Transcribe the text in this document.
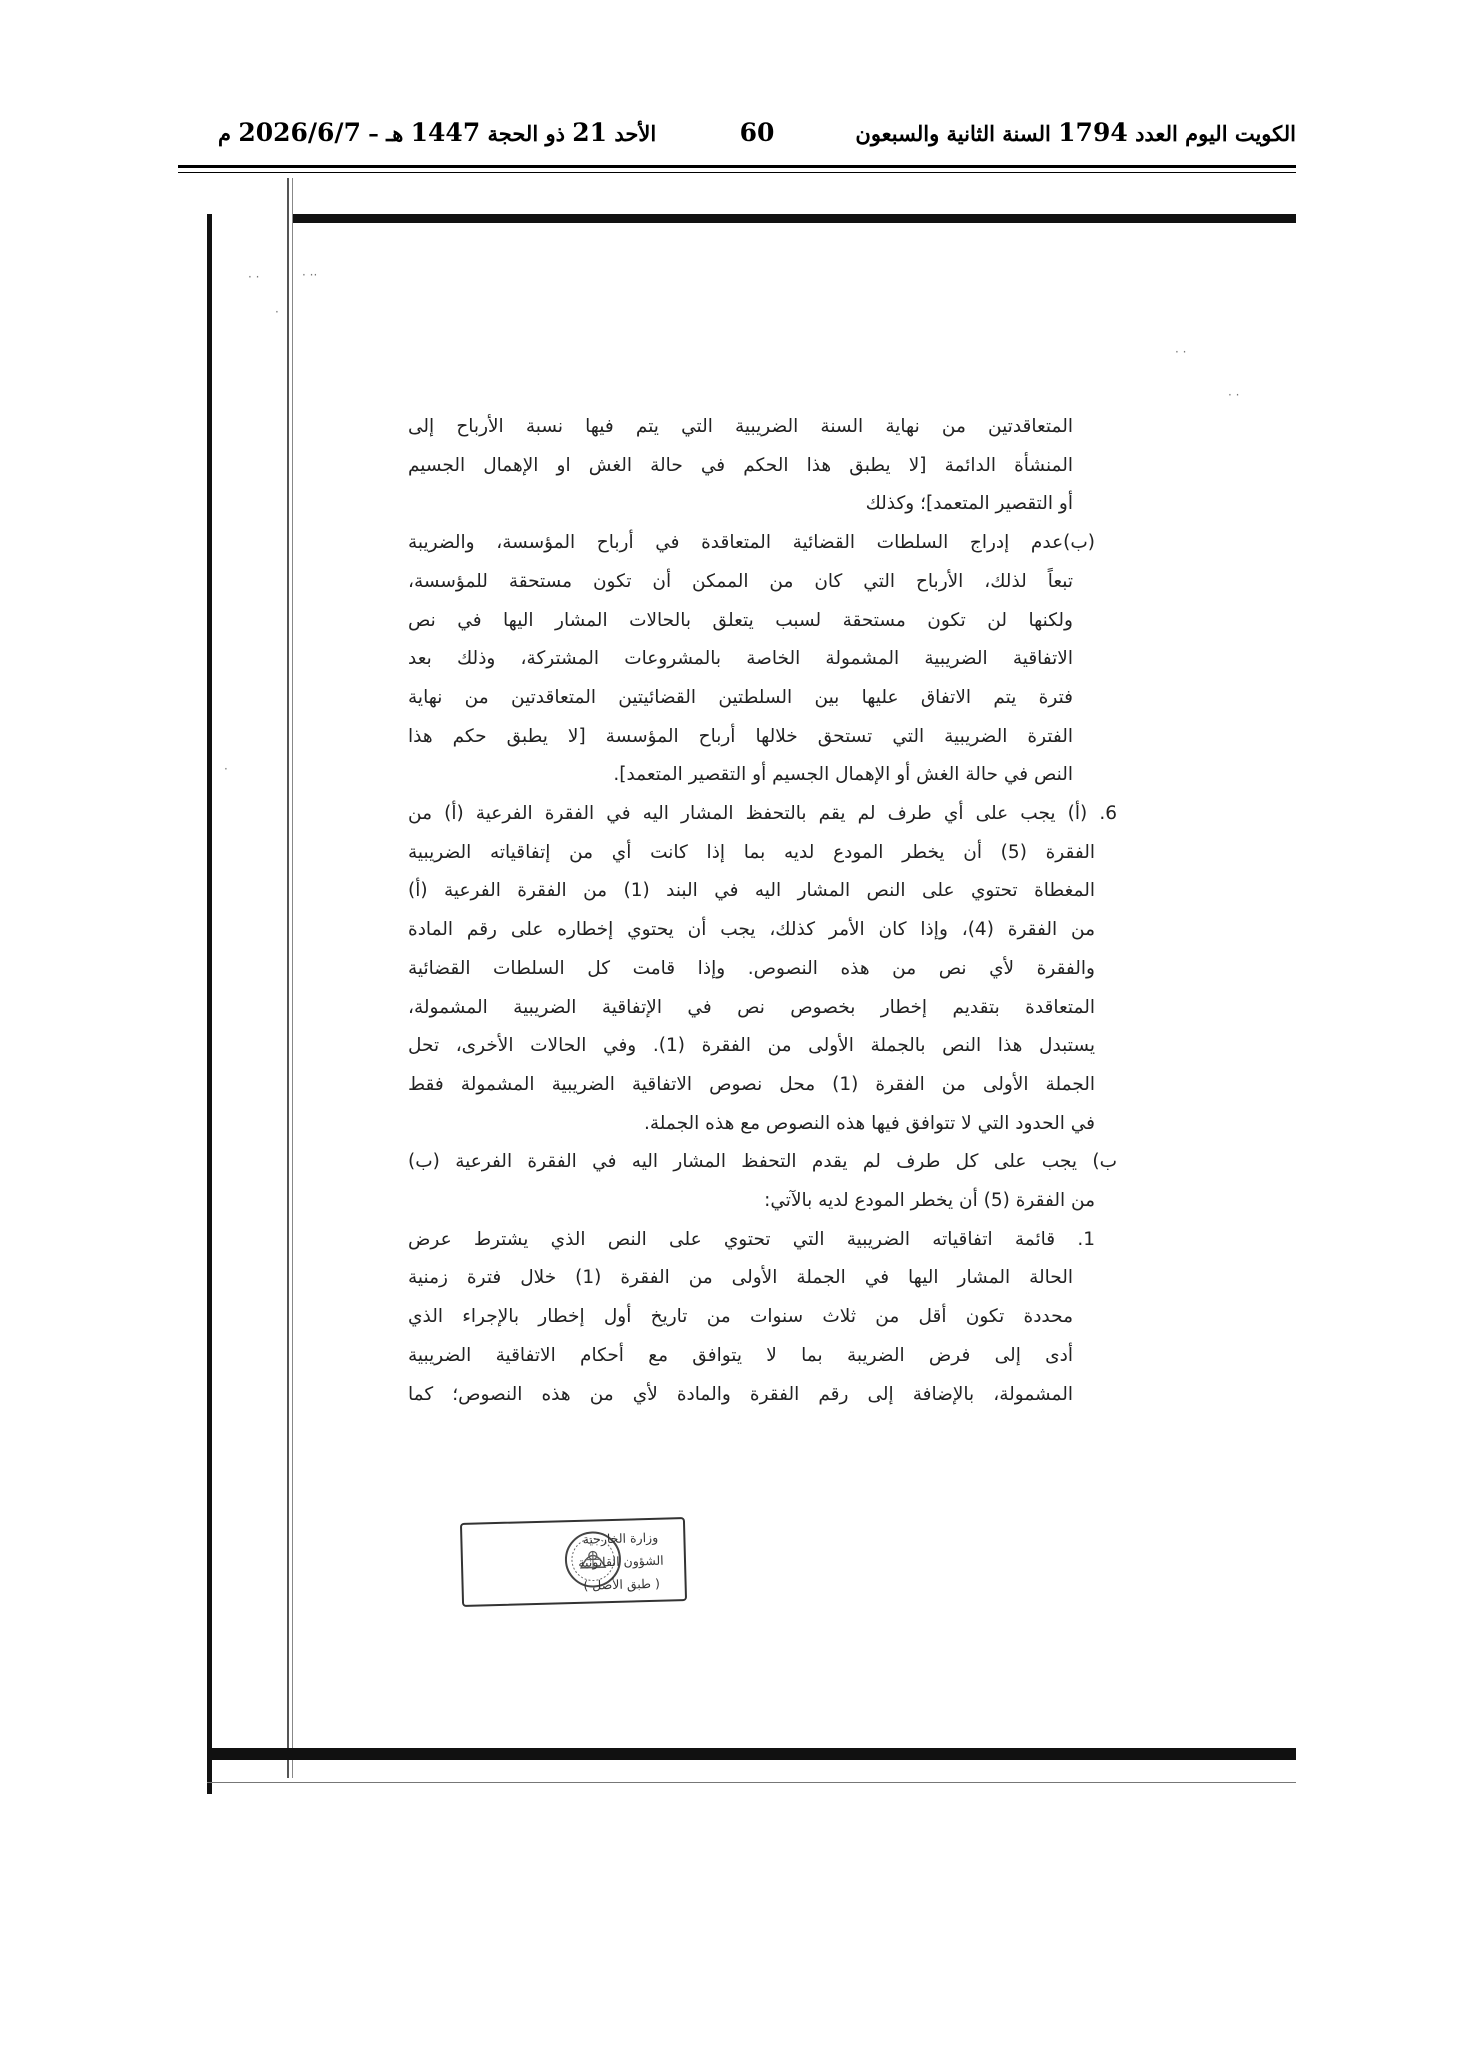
الكويت اليوم العدد 1794 السنة الثانية والسبعون
60
الأحد 21 ذو الحجة 1447 هـ – 2026/6/7 م
· ·	·· ·
·
· ·
· ·
·
المتعاقدتين من نهاية السنة الضريبية التي يتم فيها نسبة الأرباح إلى
المنشأة الدائمة [لا يطبق هذا الحكم في حالة الغش او الإهمال الجسيم
أو التقصير المتعمد]؛ وكذلك
(ب)عدم إدراج السلطات القضائية المتعاقدة في أرباح المؤسسة، والضريبة
تبعاً لذلك، الأرباح التي كان من الممكن أن تكون مستحقة للمؤسسة،
ولكنها لن تكون مستحقة لسبب يتعلق بالحالات المشار اليها في نص
الاتفاقية الضريبية المشمولة الخاصة بالمشروعات المشتركة، وذلك بعد
فترة يتم الاتفاق عليها بين السلطتين القضائيتين المتعاقدتين من نهاية
الفترة الضريبية التي تستحق خلالها أرباح المؤسسة [لا يطبق حكم هذا
النص في حالة الغش أو الإهمال الجسيم أو التقصير المتعمد].
6. (أ) يجب على أي طرف لم يقم بالتحفظ المشار اليه في الفقرة الفرعية (أ) من
الفقرة (5) أن يخطر المودع لديه بما إذا كانت أي من إتفاقياته الضريبية
المغطاة تحتوي على النص المشار اليه في البند (1) من الفقرة الفرعية (أ)
من الفقرة (4)، وإذا كان الأمر كذلك، يجب أن يحتوي إخطاره على رقم المادة
والفقرة لأي نص من هذه النصوص. وإذا قامت كل السلطات القضائية
المتعاقدة بتقديم إخطار بخصوص نص في الإتفاقية الضريبية المشمولة،
يستبدل هذا النص بالجملة الأولى من الفقرة (1). وفي الحالات الأخرى، تحل
الجملة الأولى من الفقرة (1) محل نصوص الاتفاقية الضريبية المشمولة فقط
في الحدود التي لا تتوافق فيها هذه النصوص مع هذه الجملة.
ب) يجب على كل طرف لم يقدم التحفظ المشار اليه في الفقرة الفرعية (ب)
من الفقرة (5) أن يخطر المودع لديه بالآتي:
1. قائمة اتفاقياته الضريبية التي تحتوي على النص الذي يشترط عرض
الحالة المشار اليها في الجملة الأولى من الفقرة (1) خلال فترة زمنية
محددة تكون أقل من ثلاث سنوات من تاريخ أول إخطار بالإجراء الذي
أدى إلى فرض الضريبة بما لا يتوافق مع أحكام الاتفاقية الضريبية
المشمولة، بالإضافة إلى رقم الفقرة والمادة لأي من هذه النصوص؛ كما
وزارة الخارجية
الشؤون القانونية
( طبق الأصل )
